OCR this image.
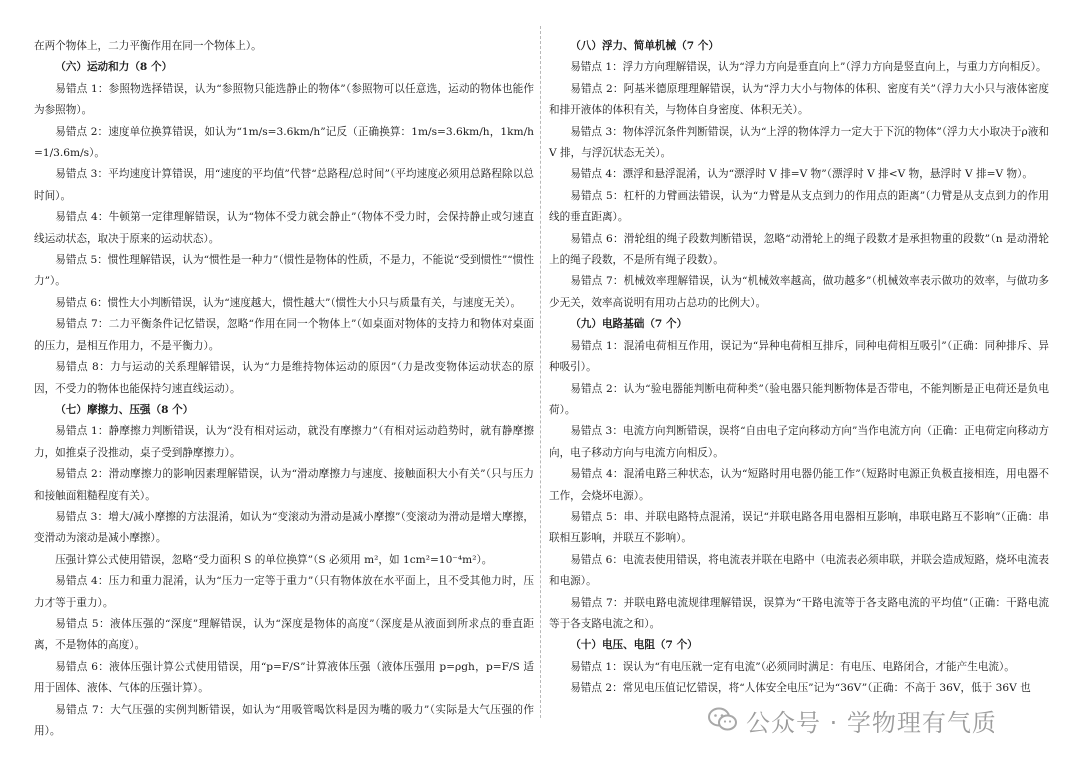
在两个物体上，二力平衡作用在同一个物体上）。

（六）运动和力（8 个）

易错点 1：参照物选择错误，认为“参照物只能选静止的物体”（参照物可以任意选，运动的物体也能作为参照物）。

易错点 2：速度单位换算错误，如认为“1m/s=3.6km/h”记反（正确换算：1m/s=3.6km/h，1km/h=1/3.6m/s）。

易错点 3：平均速度计算错误，用“速度的平均值”代替“总路程/总时间”（平均速度必须用总路程除以总时间）。

易错点 4：牛顿第一定律理解错误，认为“物体不受力就会静止”（物体不受力时，会保持静止或匀速直线运动状态，取决于原来的运动状态）。

易错点 5：惯性理解错误，认为“惯性是一种力”（惯性是物体的性质，不是力，不能说“受到惯性”“惯性力”）。

易错点 6：惯性大小判断错误，认为“速度越大，惯性越大”（惯性大小只与质量有关，与速度无关）。

易错点 7：二力平衡条件记忆错误，忽略“作用在同一个物体上”（如桌面对物体的支持力和物体对桌面的压力，是相互作用力，不是平衡力）。

易错点 8：力与运动的关系理解错误，认为“力是维持物体运动的原因”（力是改变物体运动状态的原因，不受力的物体也能保持匀速直线运动）。

（七）摩擦力、压强（8 个）

易错点 1：静摩擦力判断错误，认为“没有相对运动，就没有摩擦力”（有相对运动趋势时，就有静摩擦力，如推桌子没推动，桌子受到静摩擦力）。

易错点 2：滑动摩擦力的影响因素理解错误，认为“滑动摩擦力与速度、接触面积大小有关”（只与压力和接触面粗糙程度有关）。

易错点 3：增大/减小摩擦的方法混淆，如认为“变滚动为滑动是减小摩擦”（变滚动为滑动是增大摩擦，变滑动为滚动是减小摩擦）。

压强计算公式使用错误，忽略“受力面积 S 的单位换算”（S 必须用 m²，如 1cm²=10⁻⁴m²）。

易错点 4：压力和重力混淆，认为“压力一定等于重力”（只有物体放在水平面上，且不受其他力时，压力才等于重力）。

易错点 5：液体压强的“深度”理解错误，认为“深度是物体的高度”（深度是从液面到所求点的垂直距离，不是物体的高度）。

易错点 6：液体压强计算公式使用错误，用“p=F/S”计算液体压强（液体压强用 p=ρgh，p=F/S 适用于固体、液体、气体的压强计算）。

易错点 7：大气压强的实例判断错误，如认为“用吸管喝饮料是因为嘴的吸力”（实际是大气压强的作用）。

（八）浮力、简单机械（7 个）

易错点 1：浮力方向理解错误，认为“浮力方向是垂直向上”（浮力方向是竖直向上，与重力方向相反）。

易错点 2：阿基米德原理理解错误，认为“浮力大小与物体的体积、密度有关”（浮力大小只与液体密度和排开液体的体积有关，与物体自身密度、体积无关）。

易错点 3：物体浮沉条件判断错误，认为“上浮的物体浮力一定大于下沉的物体”（浮力大小取决于ρ液和 V 排，与浮沉状态无关）。

易错点 4：漂浮和悬浮混淆，认为“漂浮时 V 排=V 物”（漂浮时 V 排<V 物，悬浮时 V 排=V 物）。

易错点 5：杠杆的力臂画法错误，认为“力臂是从支点到力的作用点的距离”（力臂是从支点到力的作用线的垂直距离）。

易错点 6：滑轮组的绳子段数判断错误，忽略“动滑轮上的绳子段数才是承担物重的段数”（n 是动滑轮上的绳子段数，不是所有绳子段数）。

易错点 7：机械效率理解错误，认为“机械效率越高，做功越多”（机械效率表示做功的效率，与做功多少无关，效率高说明有用功占总功的比例大）。

（九）电路基础（7 个）

易错点 1：混淆电荷相互作用，误记为“异种电荷相互排斥，同种电荷相互吸引”（正确：同种排斥、异种吸引）。

易错点 2：认为“验电器能判断电荷种类”（验电器只能判断物体是否带电，不能判断是正电荷还是负电荷）。

易错点 3：电流方向判断错误，误将“自由电子定向移动方向”当作电流方向（正确：正电荷定向移动方向，电子移动方向与电流方向相反）。

易错点 4：混淆电路三种状态，认为“短路时用电器仍能工作”（短路时电源正负极直接相连，用电器不工作，会烧坏电源）。

易错点 5：串、并联电路特点混淆，误记“并联电路各用电器相互影响，串联电路互不影响”（正确：串联相互影响，并联互不影响）。

易错点 6：电流表使用错误，将电流表并联在电路中（电流表必须串联，并联会造成短路，烧坏电流表和电源）。

易错点 7：并联电路电流规律理解错误，误算为“干路电流等于各支路电流的平均值”（正确：干路电流等于各支路电流之和）。

（十）电压、电阻（7 个）

易错点 1：误认为“有电压就一定有电流”（必须同时满足：有电压、电路闭合，才能产生电流）。

易错点 2：常见电压值记忆错误，将“人体安全电压”记为“36V”（正确：不高于 36V，低于 36V 也

公众号 · 学物理有气质
